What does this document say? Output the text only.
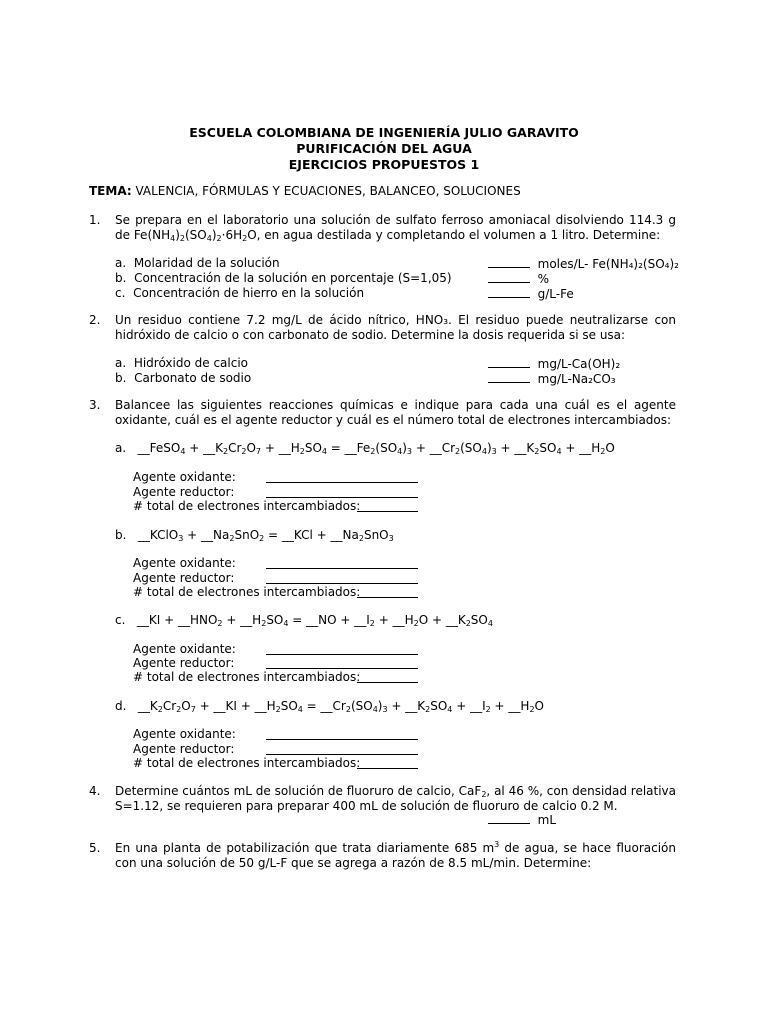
ESCUELA COLOMBIANA DE INGENIERÍA JULIO GARAVITO
PURIFICACIÓN DEL AGUA
EJERCICIOS PROPUESTOS 1
TEMA: VALENCIA, FÓRMULAS Y ECUACIONES, BALANCEO, SOLUCIONES
1. Se prepara en el laboratorio una solución de sulfato ferroso amoniacal disolviendo 114.3 g de $Fe(NH_4)_2(SO_4)_2\cdot 6H_2O$, en agua destilada y completando el volumen a 1 litro. Determine:
a. Molaridad de la solución	moles/L- Fe(NH₄)₂(SO₄)₂
b. Concentración de la solución en porcentaje (S=1,05)	%
c. Concentración de hierro en la solución	g/L-Fe
2. Un residuo contiene 7.2 mg/L de ácido nítrico, HNO₃. El residuo puede neutralizarse con hidróxido de calcio o con carbonato de sodio. Determine la dosis requerida si se usa:
a. Hidróxido de calcio	mg/L-Ca(OH)₂
b. Carbonato de sodio	mg/L-Na₂CO₃
3. Balancee las siguientes reacciones químicas e indique para cada una cuál es el agente oxidante, cuál es el agente reductor y cuál es el número total de electrones intercambiados:
a.   __FeSO$_4$ + $\_\_K_2Cr_2O_7$ + $\_\_H_2SO_4$ = $\_\_Fe_2(SO_4)_3$ + $\_\_Cr_2(SO_4)_3$ + $\_\_K_2SO_4$ + $\_\_H_2O$
Agente oxidante:
Agente reductor:
# total de electrones intercambiados:
b.   __KClO$_3$ + $\_\_Na_2SnO_2$ = __KCl + $\_\_Na_2SnO_3$
Agente oxidante:
Agente reductor:
# total de electrones intercambiados:
c.   __KI + $\_\_HNO_2$ + $\_\_H_2SO_4$ = __NO + $\_\_I_2$ + $\_\_H_2O$ + $\_\_K_2SO_4$
Agente oxidante:
Agente reductor:
# total de electrones intercambiados:
d.   $\_\_K_2Cr_2O_7$ + __KI + $\_\_H_2SO_4$ = $\_\_Cr_2(SO_4)_3$ + $\_\_K_2SO_4$ + $\_\_I_2$ + $\_\_H_2O$
Agente oxidante:
Agente reductor:
# total de electrones intercambiados:
4. Determine cuántos mL de solución de fluoruro de calcio, CaF$_2$, al 46 %, con densidad relativa S=1.12, se requieren para preparar 400 mL de solución de fluoruro de calcio 0.2 M.
mL
5. En una planta de potabilización que trata diariamente 685 $m^3$ de agua, se hace fluoración con una solución de 50 g/L-F que se agrega a razón de 8.5 mL/min. Determine:
